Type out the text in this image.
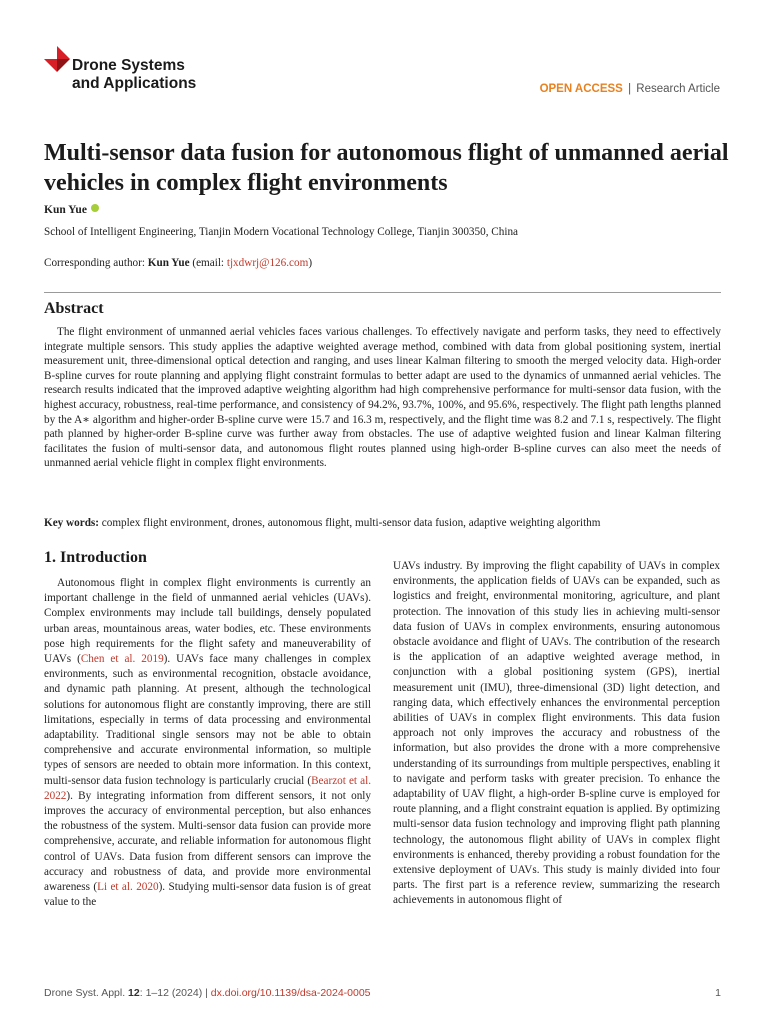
Drone Systems
and Applications	OPEN ACCESS | Research Article
Multi-sensor data fusion for autonomous flight of unmanned aerial vehicles in complex flight environments
Kun Yue
School of Intelligent Engineering, Tianjin Modern Vocational Technology College, Tianjin 300350, China
Corresponding author: Kun Yue (email: tjxdwrj@126.com)
Abstract

The flight environment of unmanned aerial vehicles faces various challenges. To effectively navigate and perform tasks, they need to effectively integrate multiple sensors. This study applies the adaptive weighted average method, combined with data from global positioning system, inertial measurement unit, three-dimensional optical detection and ranging, and uses linear Kalman filtering to smooth the merged velocity data. High-order B-spline curves for route planning and applying flight constraint formulas to better adapt are used to the dynamics of unmanned aerial vehicles. The research results indicated that the improved adaptive weighting algorithm had high comprehensive performance for multi-sensor data fusion, with the highest accuracy, robustness, real-time performance, and consistency of 94.2%, 93.7%, 100%, and 95.6%, respectively. The flight path lengths planned by the A∗ algorithm and higher-order B-spline curve were 15.7 and 16.3 m, respectively, and the flight time was 8.2 and 7.1 s, respectively. The flight path planned by higher-order B-spline curve was further away from obstacles. The use of adaptive weighted fusion and linear Kalman filtering facilitates the fusion of multi-sensor data, and autonomous flight routes planned using high-order B-spline curves can also meet the needs of unmanned aerial vehicle flight in complex flight environments.

Key words: complex flight environment, drones, autonomous flight, multi-sensor data fusion, adaptive weighting algorithm
1. Introduction

Autonomous flight in complex flight environments is currently an important challenge in the field of unmanned aerial vehicles (UAVs). Complex environments may include tall buildings, densely populated urban areas, mountainous areas, water bodies, etc. These environments pose high requirements for the flight safety and maneuverability of UAVs (Chen et al. 2019). UAVs face many challenges in complex environments, such as environmental recognition, obstacle avoidance, and dynamic path planning. At present, although the technological solutions for autonomous flight are constantly improving, there are still limitations, especially in terms of data processing and environmental adaptability. Traditional single sensors may not be able to obtain comprehensive and accurate environmental information, so multiple types of sensors are needed to obtain more information. In this context, multi-sensor data fusion technology is particularly crucial (Bearzot et al. 2022). By integrating information from different sensors, it not only improves the accuracy of environmental perception, but also enhances the robustness of the system. Multi-sensor data fusion can provide more comprehensive, accurate, and reliable information for autonomous flight control of UAVs. Data fusion from different sensors can improve the accuracy and robustness of data, and provide more environmental awareness (Li et al. 2020). Studying multi-sensor data fusion is of great value to the

UAVs industry. By improving the flight capability of UAVs in complex environments, the application fields of UAVs can be expanded, such as logistics and freight, environmental monitoring, agriculture, and plant protection. The innovation of this study lies in achieving multi-sensor data fusion of UAVs in complex environments, ensuring autonomous obstacle avoidance and flight of UAVs. The contribution of the research is the application of an adaptive weighted average method, in conjunction with a global positioning system (GPS), inertial measurement unit (IMU), three-dimensional (3D) light detection, and ranging data, which effectively enhances the environmental perception abilities of UAVs in complex flight environments. This data fusion approach not only improves the accuracy and robustness of the information, but also provides the drone with a more comprehensive understanding of its surroundings from multiple perspectives, enabling it to navigate and perform tasks with greater precision. To enhance the adaptability of UAV flight, a high-order B-spline curve is employed for route planning, and a flight constraint equation is applied. By optimizing multi-sensor data fusion technology and improving flight path planning technology, the autonomous flight ability of UAVs in complex flight environments is enhanced, thereby providing a robust foundation for the extensive deployment of UAVs. This study is mainly divided into four parts. The first part is a reference review, summarizing the research achievements in autonomous flight of

Drone Syst. Appl. 12: 1–12 (2024) | dx.doi.org/10.1139/dsa-2024-0005	1
